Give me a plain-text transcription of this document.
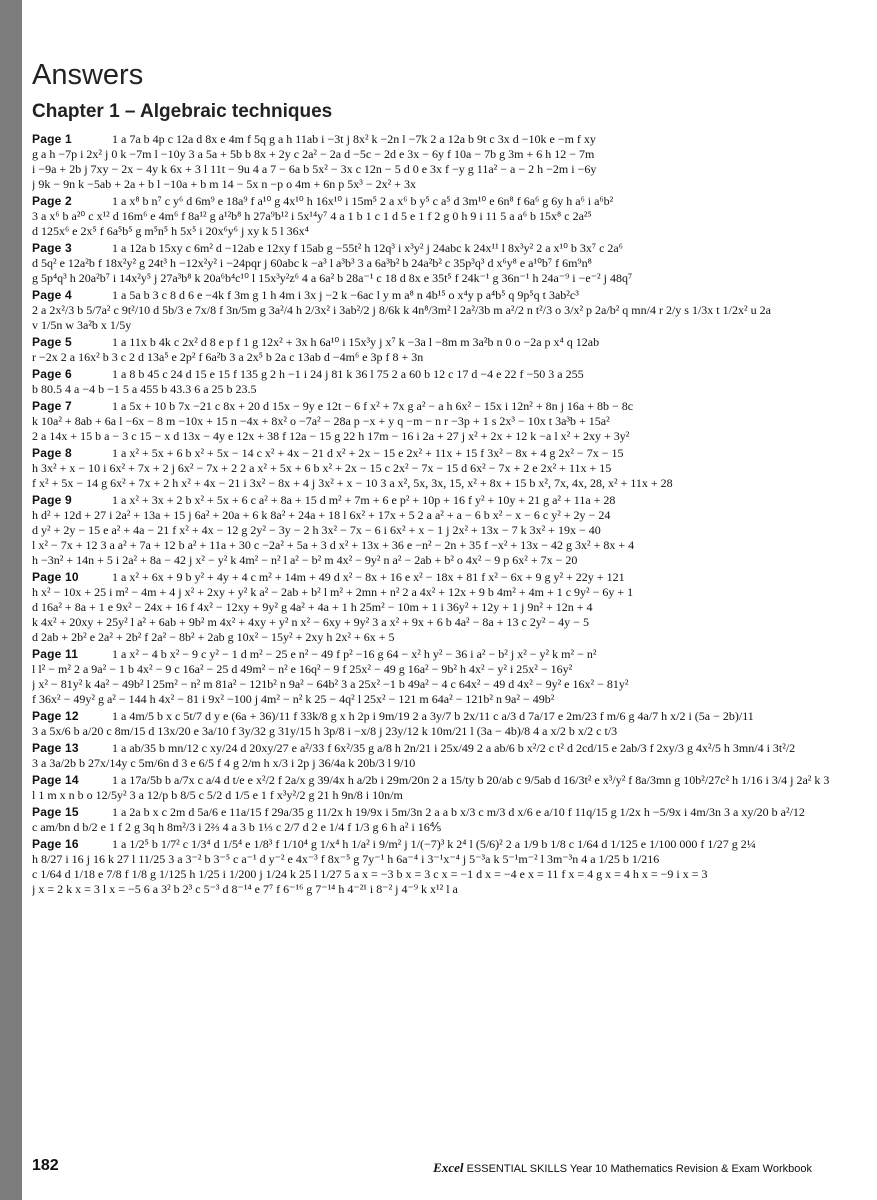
Answers
Chapter 1 – Algebraic techniques
Page 1	1 a 7a b 4p c 12a d 8x e 4m f 5q g a h 11ab i −3t j 8x² k −2n l −7k 2 a 12a b 9t c 3x d −10k e −m f xy
g a h −7p i 2x² j 0 k −7m l −10y 3 a 5a + 5b b 8x + 2y c 2a² − 2a d −5c − 2d e 3x − 6y f 10a − 7b g 3m + 6 h 12 − 7m
i −9a + 2b j 7xy − 2x − 4y k 6x + 3 l 11t − 9u 4 a 7 − 6a b 5x² − 3x c 12n − 5 d 0 e 3x f −y g 11a² − a − 2 h −2m i −6y
j 9k − 9n k −5ab + 2a + b l −10a + b m 14 − 5x n −p o 4m + 6n p 5x³ − 2x² + 3x
Page 2	1 a x⁸ b n⁷ c y⁶ d 6m⁹ e 18a⁹ f a¹⁰ g 4x¹⁰ h 16x¹⁰ i 15m⁵ 2 a x⁶ b y⁵ c a⁵ d 3m¹⁰ e 6n⁸ f 6a⁶ g 6y h a⁶ i a⁶b²
3 a x⁶ b a²⁰ c x¹² d 16m⁶ e 4m⁶ f 8a¹² g a¹²b⁸ h 27a⁹b¹² i 5x¹⁴y⁷ 4 a 1 b 1 c 1 d 5 e 1 f 2 g 0 h 9 i 11 5 a a⁶ b 15x⁸ c 2a²⁵
d 125x⁶ e 2x⁵ f 6a⁵b⁵ g m⁵n⁵ h 5x⁵ i 20x⁶y⁶ j xy k 5 l 36x⁴
Page 3	1 a 12a b 15xy c 6m² d −12ab e 12xy f 15ab g −55t² h 12q³ i x³y² j 24abc k 24x¹¹ l 8x³y² 2 a x¹⁰ b 3x⁷ c 2a⁶
d 5q² e 12a²b f 18x²y² g 24t³ h −12x²y² i −24pqr j 60abc k −a³ l a³b³ 3 a 6a³b² b 24a²b² c 35p³q³ d x⁶y⁸ e a¹⁰b⁷ f 6m⁹n⁸
g 5p⁴q³ h 20a²b⁷ i 14x²y⁵ j 27a³b⁸ k 20a⁶b⁴c¹⁰ l 15x³y²z⁶ 4 a 6a² b 28a⁻¹ c 18 d 8x e 35t⁵ f 24k⁻¹ g 36n⁻¹ h 24a⁻⁹ i −e⁻² j 48q⁷
Page 4	1 a 5a b 3 c 8 d 6 e −4k f 3m g 1 h 4m i 3x j −2 k −6ac l y m a⁸ n 4b¹⁵ o x⁴y p a⁴b⁵ q 9p⁵q t 3ab²c³
2 a 2x²/3 b 5/7a² c 9t²/10 d 5b/3 e 7x/8 f 3n/5m g 3a²/4 h 2/3x² i 3ab²/2 j 8/6k k 4n⁸/3m² l 2a²/3b m a²/2 n t²/3 o 3/x² p 2a/b² q mn/4 r 2/y s 1/3x t 1/2x² u 2a
v 1/5n w 3a²b x 1/5y
Page 5	1 a 11x b 4k c 2x² d 8 e p f 1 g 12x² + 3x h 6a¹⁰ i 15x³y j x⁷ k −3a l −8m m 3a²b n 0 o −2a p x⁴ q 12ab
r −2x 2 a 16x² b 3 c 2 d 13a⁵ e 2p² f 6a²b 3 a 2x⁵ b 2a c 13ab d −4m⁶ e 3p f 8 + 3n
Page 6	1 a 8 b 45 c 24 d 15 e 15 f 135 g 2 h −1 i 24 j 81 k 36 l 75 2 a 60 b 12 c 17 d −4 e 22 f −50 3 a 255
b 80.5 4 a −4 b −1 5 a 455 b 43.3 6 a 25 b 23.5
Page 7	1 a 5x + 10 b 7x −21 c 8x + 20 d 15x − 9y e 12t − 6 f x² + 7x g a² − a h 6x² − 15x i 12n² + 8n j 16a + 8b − 8c
k 10a² + 8ab + 6a l −6x − 8 m −10x + 15 n −4x + 8x² o −7a² − 28a p −x + y q −m − n r −3p + 1 s 2x³ − 10x t 3a³b + 15a²
2 a 14x + 15 b a − 3 c 15 − x d 13x − 4y e 12x + 38 f 12a − 15 g 22 h 17m − 16 i 2a + 27 j x² + 2x + 12 k −a l x² + 2xy + 3y²
Page 8	1 a x² + 5x + 6 b x² + 5x − 14 c x² + 4x − 21 d x² + 2x − 15 e 2x² + 11x + 15 f 3x² − 8x + 4 g 2x² − 7x − 15
h 3x² + x − 10 i 6x² + 7x + 2 j 6x² − 7x + 2 2 a x² + 5x + 6 b x² + 2x − 15 c 2x² − 7x − 15 d 6x² − 7x + 2 e 2x² + 11x + 15
f x² + 5x − 14 g 6x² + 7x + 2 h x² + 4x − 21 i 3x² − 8x + 4 j 3x² + x − 10 3 a x², 5x, 3x, 15, x² + 8x + 15 b x², 7x, 4x, 28, x² + 11x + 28
Page 9	1 a x² + 3x + 2 b x² + 5x + 6 c a² + 8a + 15 d m² + 7m + 6 e p² + 10p + 16 f y² + 10y + 21 g a² + 11a + 28
h d² + 12d + 27 i 2a² + 13a + 15 j 6a² + 20a + 6 k 8a² + 24a + 18 l 6x² + 17x + 5 2 a a² + a − 6 b x² − x − 6 c y² + 2y − 24
d y² + 2y − 15 e a² + 4a − 21 f x² + 4x − 12 g 2y² − 3y − 2 h 3x² − 7x − 6 i 6x² + x − 1 j 2x² + 13x − 7 k 3x² + 19x − 40
l x² − 7x + 12 3 a a² + 7a + 12 b a² + 11a + 30 c −2a² + 5a + 3 d x² + 13x + 36 e −n² − 2n + 35 f −x² + 13x − 42 g 3x² + 8x + 4
h −3n² + 14n + 5 i 2a² + 8a − 42 j x² − y² k 4m² − n² l a² − b² m 4x² − 9y² n a² − 2ab + b² o 4x² − 9 p 6x² + 7x − 20
Page 10	1 a x² + 6x + 9 b y² + 4y + 4 c m² + 14m + 49 d x² − 8x + 16 e x² − 18x + 81 f x² − 6x + 9 g y² + 22y + 121
h x² − 10x + 25 i m² − 4m + 4 j x² + 2xy + y² k a² − 2ab + b² l m² + 2mn + n² 2 a 4x² + 12x + 9 b 4m² + 4m + 1 c 9y² − 6y + 1
d 16a² + 8a + 1 e 9x² − 24x + 16 f 4x² − 12xy + 9y² g 4a² + 4a + 1 h 25m² − 10m + 1 i 36y² + 12y + 1 j 9n² + 12n + 4
k 4x² + 20xy + 25y² l a² + 6ab + 9b² m 4x² + 4xy + y² n x² − 6xy + 9y² 3 a x² + 9x + 6 b 4a² − 8a + 13 c 2y² − 4y − 5
d 2ab + 2b² e 2a² + 2b² f 2a² − 8b² + 2ab g 10x² − 15y² + 2xy h 2x² + 6x + 5
Page 11	1 a x² − 4 b x² − 9 c y² − 1 d m² − 25 e n² − 49 f p² −16 g 64 − x² h y² − 36 i a² − b² j x² − y² k m² − n²
l l² − m² 2 a 9a² − 1 b 4x² − 9 c 16a² − 25 d 49m² − n² e 16q² − 9 f 25x² − 49 g 16a² − 9b² h 4x² − y² i 25x² − 16y²
j x² − 81y² k 4a² − 49b² l 25m² − n² m 81a² − 121b² n 9a² − 64b² 3 a 25x² −1 b 49a² − 4 c 64x² − 49 d 4x² − 9y² e 16x² − 81y²
f 36x² − 49y² g a² − 144 h 4x² − 81 i 9x² −100 j 4m² − n² k 25 − 4q² l 25x² − 121 m 64a² − 121b² n 9a² − 49b²
Page 12	1 a 4m/5 b x c 5t/7 d y e (6a + 36)/11 f 33k/8 g x h 2p i 9m/19 2 a 3y/7 b 2x/11 c a/3 d 7a/17 e 2m/23 f m/6 g 4a/7 h x/2 i (5a − 2b)/11
3 a 5x/6 b a/20 c 8m/15 d 13x/20 e 3a/10 f 3y/32 g 31y/15 h 3p/8 i −x/8 j 23y/12 k 10m/21 l (3a − 4b)/8 4 a x/2 b x/2 c t/3
Page 13	1 a ab/35 b mn/12 c xy/24 d 20xy/27 e a²/33 f 6x²/35 g a/8 h 2n/21 i 25x/49 2 a ab/6 b x²/2 c t² d 2cd/15 e 2ab/3 f 2xy/3 g 4x²/5 h 3mn/4 i 3t²/2
3 a 3a/2b b 27x/14y c 5m/6n d 3 e 6/5 f 4 g 2/m h x/3 i 2p j 36/4a k 20b/3 l 9/10
Page 14	1 a 17a/5b b a/7x c a/4 d t/e e x²/2 f 2a/x g 39/4x h a/2b i 29m/20n 2 a 15/ty b 20/ab c 9/5ab d 16/3t² e x³/y² f 8a/3mn g 10b²/27c² h 1/16 i 3/4 j 2a² k 3
l 1 m x n b o 12/5y² 3 a 12/p b 8/5 c 5/2 d 1/5 e 1 f x³y²/2 g 21 h 9n/8 i 10n/m
Page 15	1 a 2a b x c 2m d 5a/6 e 11a/15 f 29a/35 g 11/2x h 19/9x i 5m/3n 2 a a b x/3 c m/3 d x/6 e a/10 f 11q/15 g 1/2x h −5/9x i 4m/3n 3 a xy/20 b a²/12
c am/bn d b/2 e 1 f 2 g 3q h 8m²/3 i 2⅔ 4 a 3 b 1⅓ c 2/7 d 2 e 1/4 f 1/3 g 6 h a² i 16⅘
Page 16	1 a 1/2⁵ b 1/7² c 1/3⁴ d 1/5⁴ e 1/8³ f 1/10⁴ g 1/x⁴ h 1/a² i 9/m² j 1/(−7)³ k 2⁴ l (5/6)² 2 a 1/9 b 1/8 c 1/64 d 1/125 e 1/100 000 f 1/27 g 2¼
h 8/27 i 16 j 16 k 27 l 11/25 3 a 3⁻² b 3⁻⁵ c a⁻¹ d y⁻² e 4x⁻³ f 8x⁻⁵ g 7y⁻¹ h 6a⁻⁴ i 3⁻¹x⁻⁴ j 5⁻³a k 5⁻¹m⁻² l 3m⁻³n 4 a 1/25 b 1/216
c 1/64 d 1/18 e 7/8 f 1/8 g 1/125 h 1/25 i 1/200 j 1/24 k 25 l 1/27 5 a x = −3 b x = 3 c x = −1 d x = −4 e x = 11 f x = 4 g x = 4 h x = −9 i x = 3
j x = 2 k x = 3 l x = −5 6 a 3² b 2³ c 5⁻³ d 8⁻¹⁴ e 7⁷ f 6⁻¹⁶ g 7⁻¹⁴ h 4⁻²¹ i 8⁻² j 4⁻⁹ k x¹² l a
182	Excel ESSENTIAL SKILLS Year 10 Mathematics Revision & Exam Workbook
